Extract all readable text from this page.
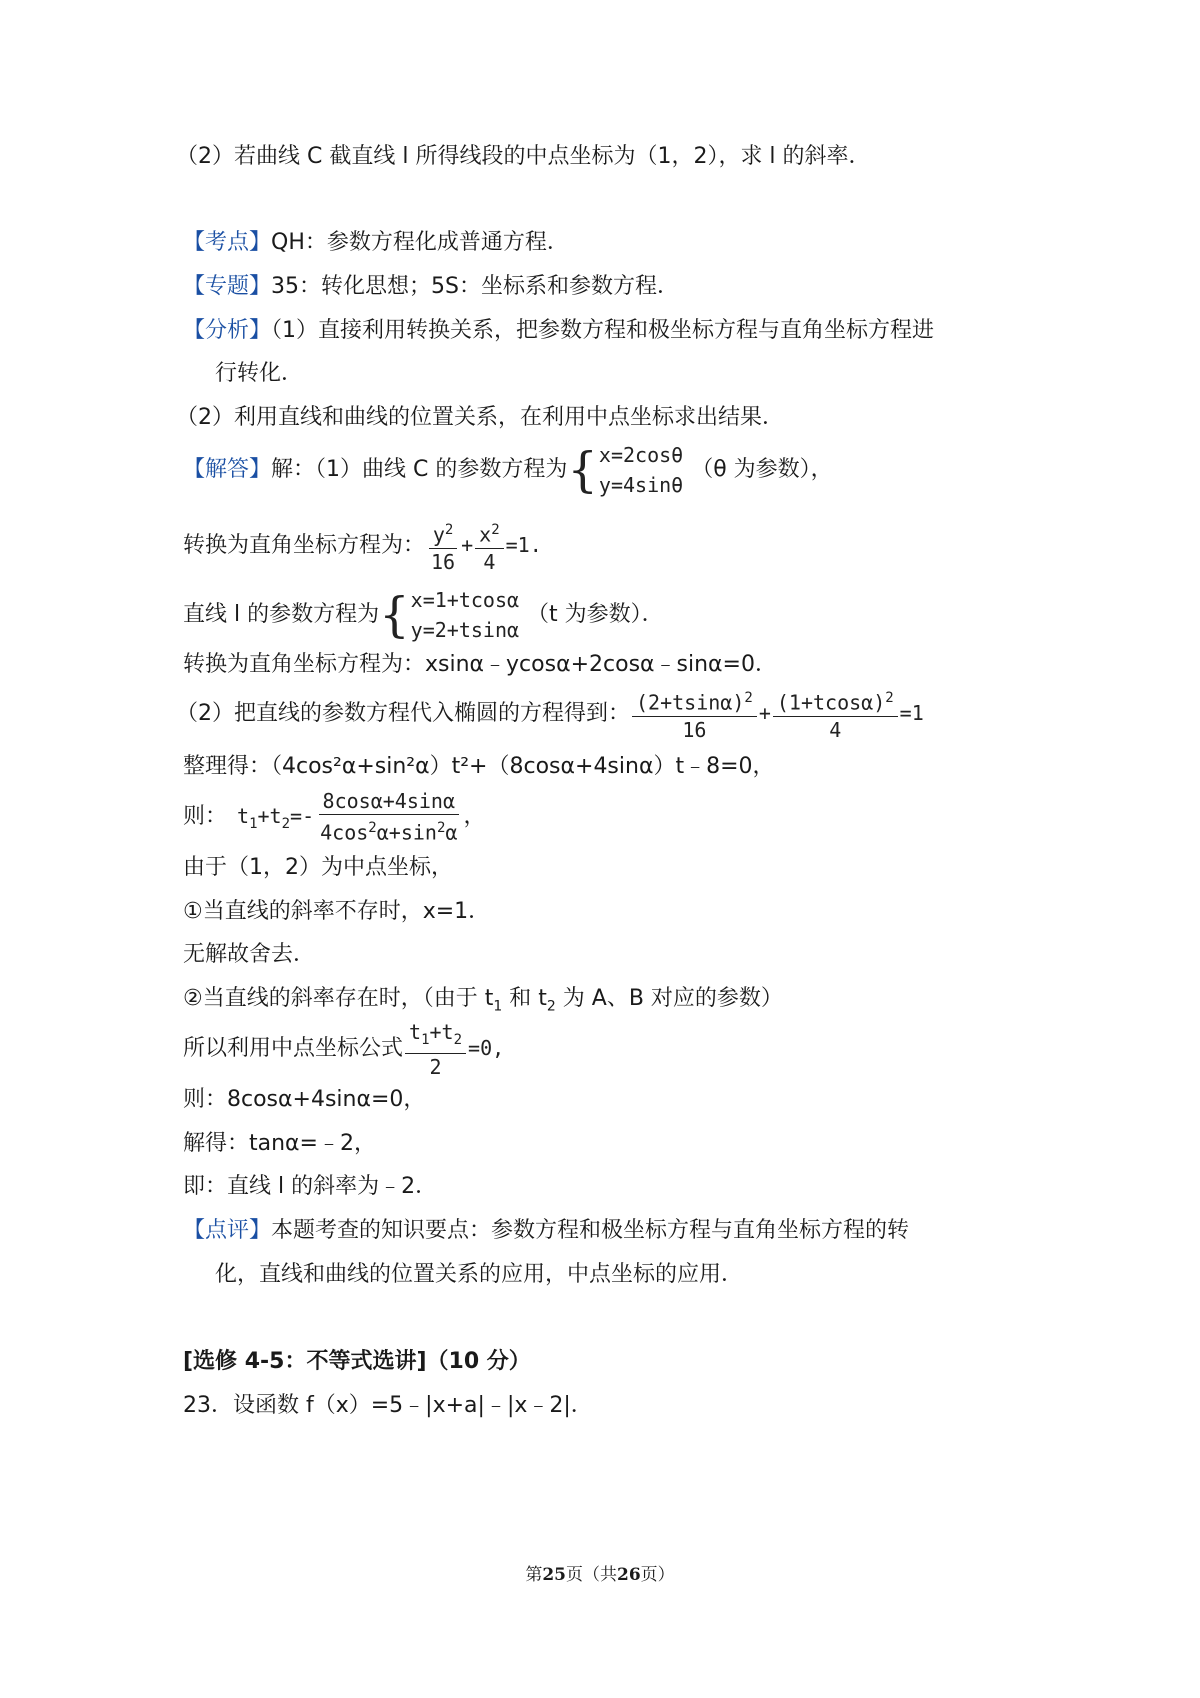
（2）若曲线 C 截直线 l 所得线段的中点坐标为（1，2），求 l 的斜率．
【考点】QH：参数方程化成普通方程．
【专题】35：转化思想；5S：坐标系和参数方程．
【分析】（1）直接利用转换关系，把参数方程和极坐标方程与直角坐标方程进
行转化．
（2）利用直线和曲线的位置关系，在利用中点坐标求出结果．
【解答】解：（1）曲线 C 的参数方程为 { x=2cosθ
y=4sinθ
（θ 为参数），
转换为直角坐标方程为： $\frac{y^2}{16} + \frac{x^2}{4} =1$.
直线 l 的参数方程为 { x=1+tcosα
y=2+tsinα
（t 为参数）．
转换为直角坐标方程为：xsinα﹣ycosα+2cosα﹣sinα=0．
（2）把直线的参数方程代入椭圆的方程得到： $\frac{(2+tsin\alpha)^2}{16} + \frac{(1+tcos\alpha)^2}{4} =1$
整理得：（4cos²α+sin²α）t²+（8cosα+4sinα）t﹣8=0，
则： $t_1+t_2=- \frac{8\cos\alpha+4\sin\alpha}{4\cos^2\alpha+\sin^2\alpha}$ ，
由于（1，2）为中点坐标，
①当直线的斜率不存时，x=1．
无解故舍去．
②当直线的斜率存在时，（由于 $t_1$ 和 $t_2$ 为 A、B 对应的参数）
所以利用中点坐标公式 $\frac{t_1+t_2}{2} =0$,
则：8cosα+4sinα=0，
解得：tanα=﹣2，
即：直线 l 的斜率为﹣2．
【点评】本题考查的知识要点：参数方程和极坐标方程与直角坐标方程的转
化，直线和曲线的位置关系的应用，中点坐标的应用．
[选修 4-5：不等式选讲]（10 分）
23．设函数 f（x）=5﹣|x+a|﹣|x﹣2|．
第25页（共26页）
